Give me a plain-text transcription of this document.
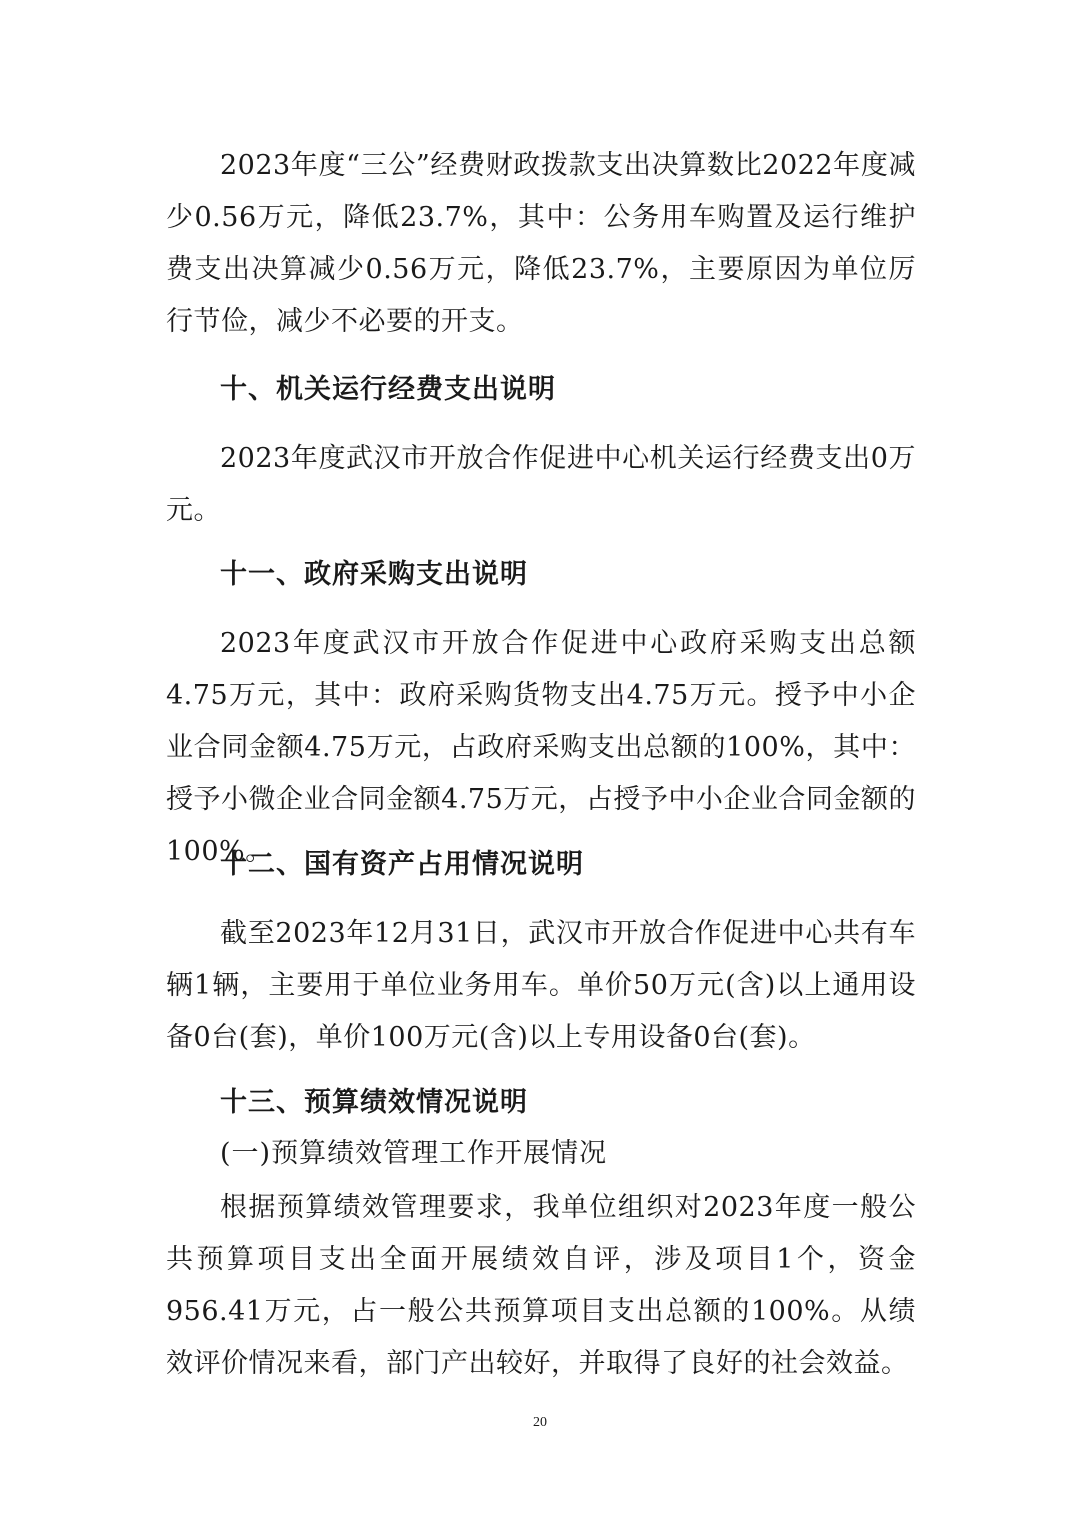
2023年度“三公”经费财政拨款支出决算数比2022年度减少0.56万元，降低23.7%，其中：公务用车购置及运行维护费支出决算减少0.56万元，降低23.7%，主要原因为单位厉行节俭，减少不必要的开支。

十、机关运行经费支出说明

2023年度武汉市开放合作促进中心机关运行经费支出0万元。

十一、政府采购支出说明

2023年度武汉市开放合作促进中心政府采购支出总额4.75万元，其中：政府采购货物支出4.75万元。授予中小企业合同金额4.75万元，占政府采购支出总额的100%，其中：授予小微企业合同金额4.75万元，占授予中小企业合同金额的100%。

十二、国有资产占用情况说明

截至2023年12月31日，武汉市开放合作促进中心共有车辆1辆，主要用于单位业务用车。单价50万元(含)以上通用设备0台(套)，单价100万元(含)以上专用设备0台(套)。

十三、预算绩效情况说明

(一)预算绩效管理工作开展情况

根据预算绩效管理要求，我单位组织对2023年度一般公共预算项目支出全面开展绩效自评，涉及项目1个，资金956.41万元，占一般公共预算项目支出总额的100%。从绩效评价情况来看，部门产出较好，并取得了良好的社会效益。

20
